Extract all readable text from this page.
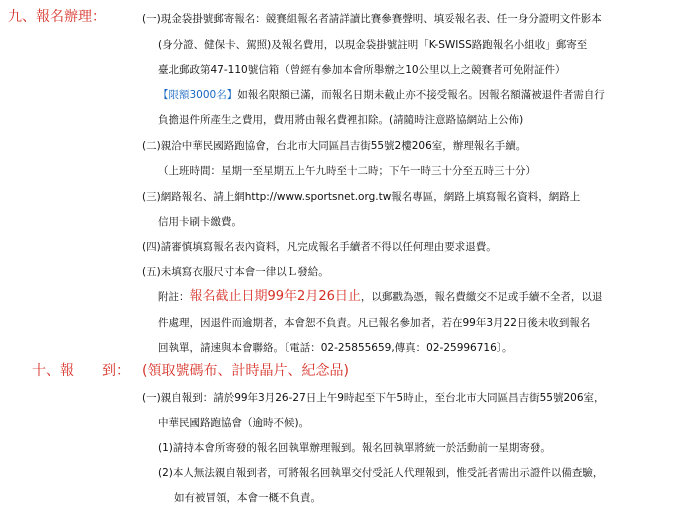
九、報名辦理：	(一)現金袋掛號郵寄報名：競賽組報名者請詳讀比賽參賽聲明、填妥報名表、任一身分證明文件影本
(身分證、健保卡、駕照)及報名費用，以現金袋掛號註明「K-SWISS路跑報名小組收」郵寄至
臺北郵政第47-110號信箱（曾經有參加本會所舉辦之10公里以上之競賽者可免附証件）
【限額3000名】如報名限額已滿，而報名日期未截止亦不接受報名。因報名額滿被退件者需自行
負擔退件所產生之費用，費用將由報名費裡扣除。(請隨時注意路協網站上公佈)
(二)親洽中華民國路跑協會，台北市大同區昌吉街55號2樓206室，辦理報名手續。
（上班時間：星期一至星期五上午九時至十二時；下午一時三十分至五時三十分）
(三)網路報名、請上網http://www.sportsnet.org.tw報名專區，網路上填寫報名資料，網路上
信用卡刷卡繳費。
(四)請審慎填寫報名表內資料，凡完成報名手續者不得以任何理由要求退費。
(五)未填寫衣服尺寸本會一律以Ｌ發給。
附註：報名截止日期99年2月26日止，以郵戳為憑，報名費繳交不足或手續不全者，以退
件處理，因退件而逾期者，本會恕不負責。凡已報名參加者，若在99年3月22日後未收到報名
回執單，請速與本會聯絡。〔電話：02-25855659,傳真：02-25996716〕。
十、報　　到： (領取號碼布、計時晶片、紀念品)
(一)親自報到：請於99年3月26-27日上午9時起至下午5時止，至台北市大同區昌吉街55號206室，
中華民國路跑協會（逾時不候)。
(1)請持本會所寄發的報名回執單辦理報到。報名回執單將統一於活動前一星期寄發。
(2)本人無法親自報到者，可將報名回執單交付受託人代理報到，惟受託者需出示證件以備查驗，
如有被冒領，本會一概不負責。
